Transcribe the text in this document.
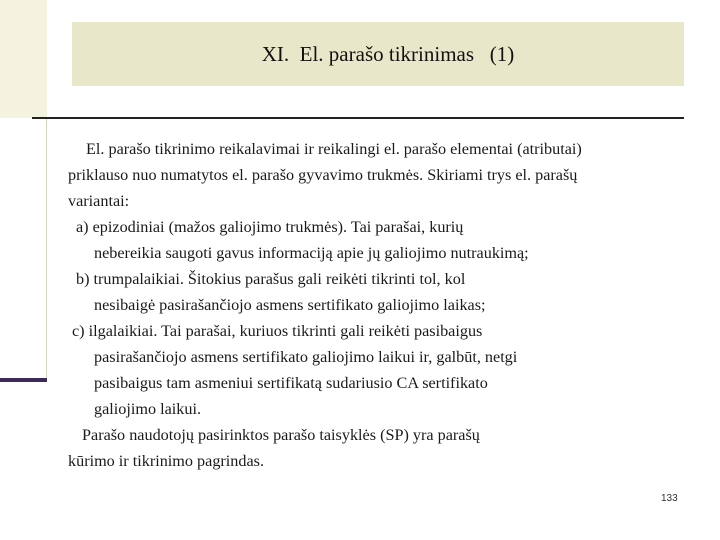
XI.  El. parašo tikrinimas   (1)
El. parašo tikrinimo reikalavimai ir reikalingi el. parašo elementai (atributai)
priklauso nuo numatytos el. parašo gyvavimo trukmės. Skiriami trys el. parašų
variantai:
a) epizodiniai (mažos galiojimo trukmės). Tai parašai, kurių
nebereikia saugoti gavus informaciją apie jų galiojimo nutraukimą;
b) trumpalaikiai. Šitokius parašus gali reikėti tikrinti tol, kol
nesibaigė pasirašančiojo asmens sertifikato galiojimo laikas;
c) ilgalaikiai. Tai parašai, kuriuos tikrinti gali reikėti pasibaigus
pasirašančiojo asmens sertifikato galiojimo laikui ir, galbūt, netgi
pasibaigus tam asmeniui sertifikatą sudariusio CA sertifikato
galiojimo laikui.
Parašo naudotojų pasirinktos parašo taisyklės (SP) yra parašų
kūrimo ir tikrinimo pagrindas.
133
